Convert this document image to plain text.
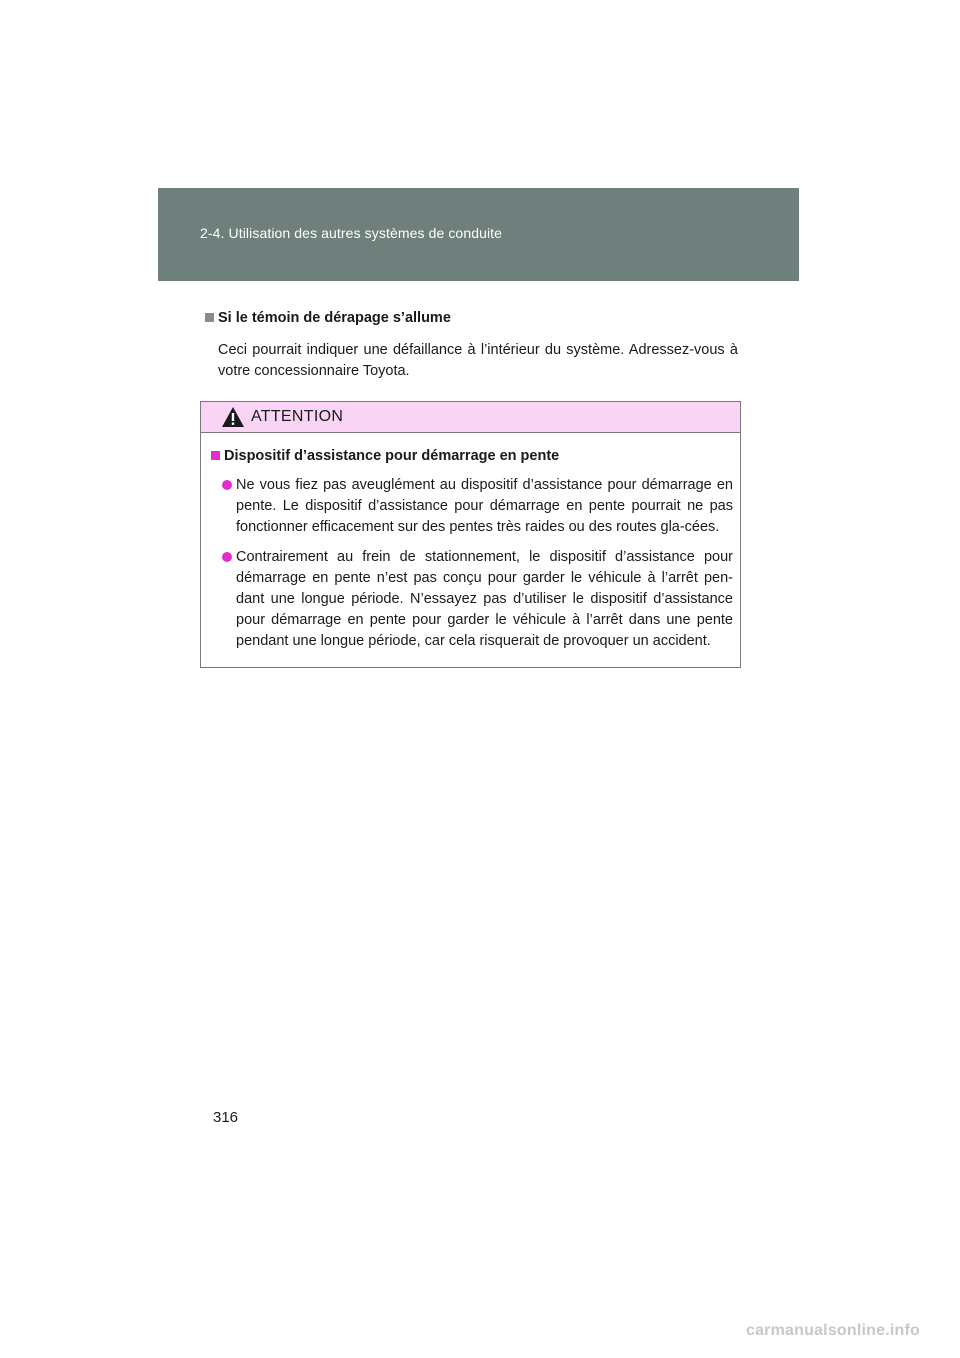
2-4. Utilisation des autres systèmes de conduite
Si le témoin de dérapage s’allume
Ceci pourrait indiquer une défaillance à l’intérieur du système. Adressez-vous à votre concessionnaire Toyota.
ATTENTION
Dispositif d’assistance pour démarrage en pente
Ne vous fiez pas aveuglément au dispositif d’assistance pour démarrage en pente. Le dispositif d’assistance pour démarrage en pente pourrait ne pas fonctionner efficacement sur des pentes très raides ou des routes gla-cées.
Contrairement au frein de stationnement, le dispositif d’assistance pour démarrage en pente n’est pas conçu pour garder le véhicule à l’arrêt pen-dant une longue période. N’essayez pas d’utiliser le dispositif d’assistance pour démarrage en pente pour garder le véhicule à l’arrêt dans une pente pendant une longue période, car cela risquerait de provoquer un accident.
316
carmanualsonline.info
